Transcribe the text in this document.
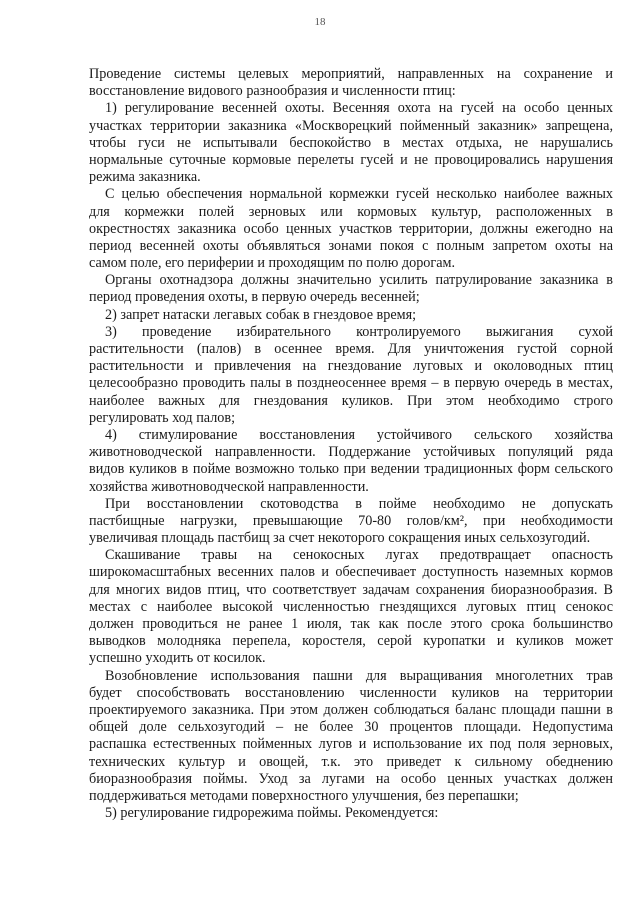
18
Проведение системы целевых мероприятий, направленных на сохранение и
восстановление видового разнообразия и численности птиц:
1) регулирование весенней охоты. Весенняя охота на гусей на особо ценных
участках территории заказника «Москворецкий пойменный заказник» запрещена,
чтобы гуси не испытывали беспокойство в местах отдыха, не нарушались
нормальные суточные кормовые перелеты гусей и не провоцировались нарушения
режима заказника.
С целью обеспечения нормальной кормежки гусей несколько наиболее важных
для кормежки полей зерновых или кормовых культур, расположенных в
окрестностях заказника особо ценных участков территории, должны ежегодно на
период весенней охоты объявляться зонами покоя с полным запретом охоты на
самом поле, его периферии и проходящим по полю дорогам.
Органы охотнадзора должны значительно усилить патрулирование заказника в
период проведения охоты, в первую очередь весенней;
2) запрет натаски легавых собак в гнездовое время;
3) проведение избирательного контролируемого выжигания сухой
растительности (палов) в осеннее время. Для уничтожения густой сорной
растительности и привлечения на гнездование луговых и околоводных птиц
целесообразно проводить палы в позднеосеннее время – в первую очередь в местах,
наиболее важных для гнездования куликов. При этом необходимо строго
регулировать ход палов;
4) стимулирование восстановления устойчивого сельского хозяйства
животноводческой направленности. Поддержание устойчивых популяций ряда
видов куликов в пойме возможно только при ведении традиционных форм сельского
хозяйства животноводческой направленности.
При восстановлении скотоводства в пойме необходимо не допускать
пастбищные нагрузки, превышающие 70-80 голов/км², при необходимости
увеличивая площадь пастбищ за счет некоторого сокращения иных сельхозугодий.
Скашивание травы на сенокосных лугах предотвращает опасность
широкомасштабных весенних палов и обеспечивает доступность наземных кормов
для многих видов птиц, что соответствует задачам сохранения биоразнообразия. В
местах с наиболее высокой численностью гнездящихся луговых птиц сенокос
должен проводиться не ранее 1 июля, так как после этого срока большинство
выводков молодняка перепела, коростеля, серой куропатки и куликов может
успешно уходить от косилок.
Возобновление использования пашни для выращивания многолетних трав
будет способствовать восстановлению численности куликов на территории
проектируемого заказника. При этом должен соблюдаться баланс площади пашни в
общей доле сельхозугодий – не более 30 процентов площади. Недопустима
распашка естественных пойменных лугов и использование их под поля зерновых,
технических культур и овощей, т.к. это приведет к сильному обеднению
биоразнообразия поймы. Уход за лугами на особо ценных участках должен
поддерживаться методами поверхностного улучшения, без перепашки;
5) регулирование гидрорежима поймы. Рекомендуется:
